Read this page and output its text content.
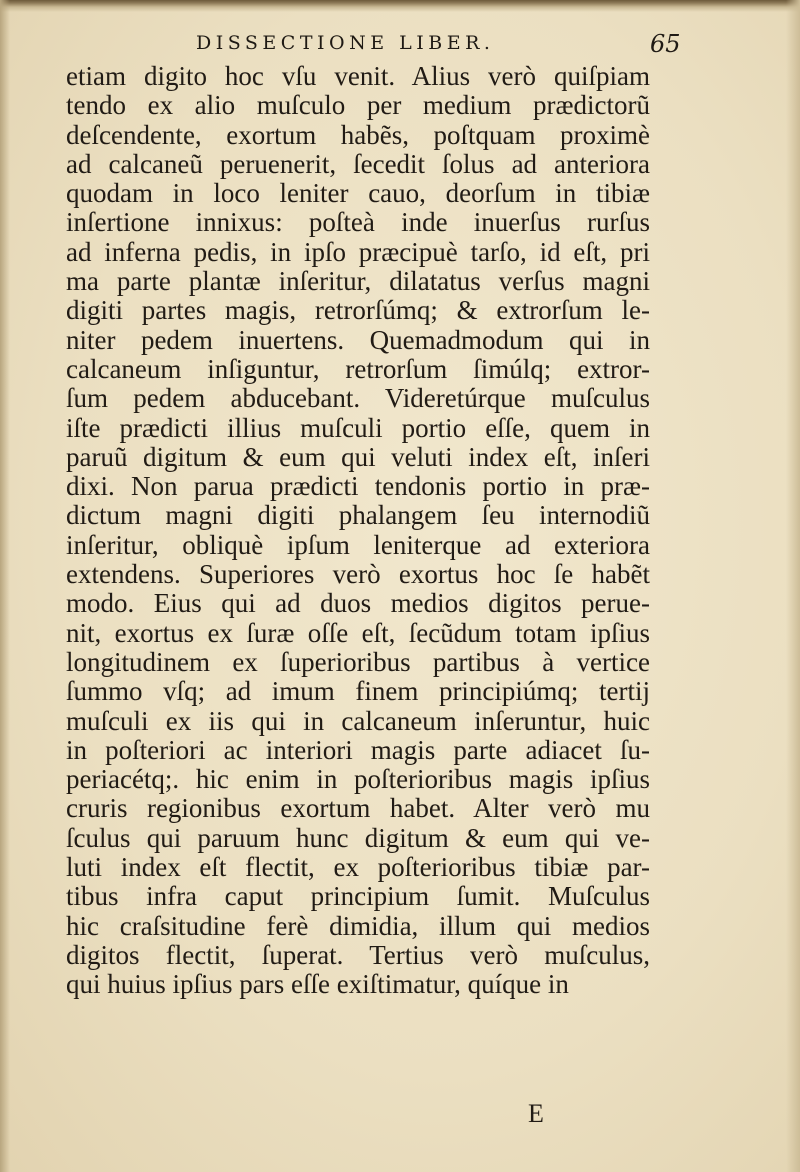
DISSECTIONE LIBER.	65
etiam digito hoc vſu venit. Alius verò quiſpiam
tendo ex alio muſculo per medium prædictorũ
deſcendente, exortum habẽs, poſtquam proximè
ad calcaneũ peruenerit, ſecedit ſolus ad anteriora
quodam in loco leniter cauo, deorſum in tibiæ
inſertione innixus: poſteà inde inuerſus rurſus
ad inferna pedis, in ipſo præcipuè tarſo, id eſt, pri
ma parte plantæ inſeritur, dilatatus verſus magni
digiti partes magis, retrorſúmq; & extrorſum le-
niter pedem inuertens. Quemadmodum qui in
calcaneum inſiguntur, retrorſum ſimúlq; extror-
ſum pedem abducebant. Videretúrque muſculus
iſte prædicti illius muſculi portio eſſe, quem in
paruũ digitum & eum qui veluti index eſt, inſeri
dixi. Non parua prædicti tendonis portio in præ-
dictum magni digiti phalangem ſeu internodiũ
inſeritur, obliquè ipſum leniterque ad exteriora
extendens. Superiores verò exortus hoc ſe habẽt
modo. Eius qui ad duos medios digitos perue-
nit, exortus ex ſuræ oſſe eſt, ſecũdum totam ipſius
longitudinem ex ſuperioribus partibus à vertice
ſummo vſq; ad imum finem principiúmq; tertij
muſculi ex iis qui in calcaneum inſeruntur, huic
in poſteriori ac interiori magis parte adiacet ſu-
periacétq;. hic enim in poſterioribus magis ipſius
cruris regionibus exortum habet. Alter verò mu
ſculus qui paruum hunc digitum & eum qui ve-
luti index eſt flectit, ex poſterioribus tibiæ par-
tibus infra caput principium ſumit. Muſculus
hic craſsitudine ferè dimidia, illum qui medios
digitos flectit, ſuperat. Tertius verò muſculus,
qui huius ipſius pars eſſe exiſtimatur, quíque in
E
